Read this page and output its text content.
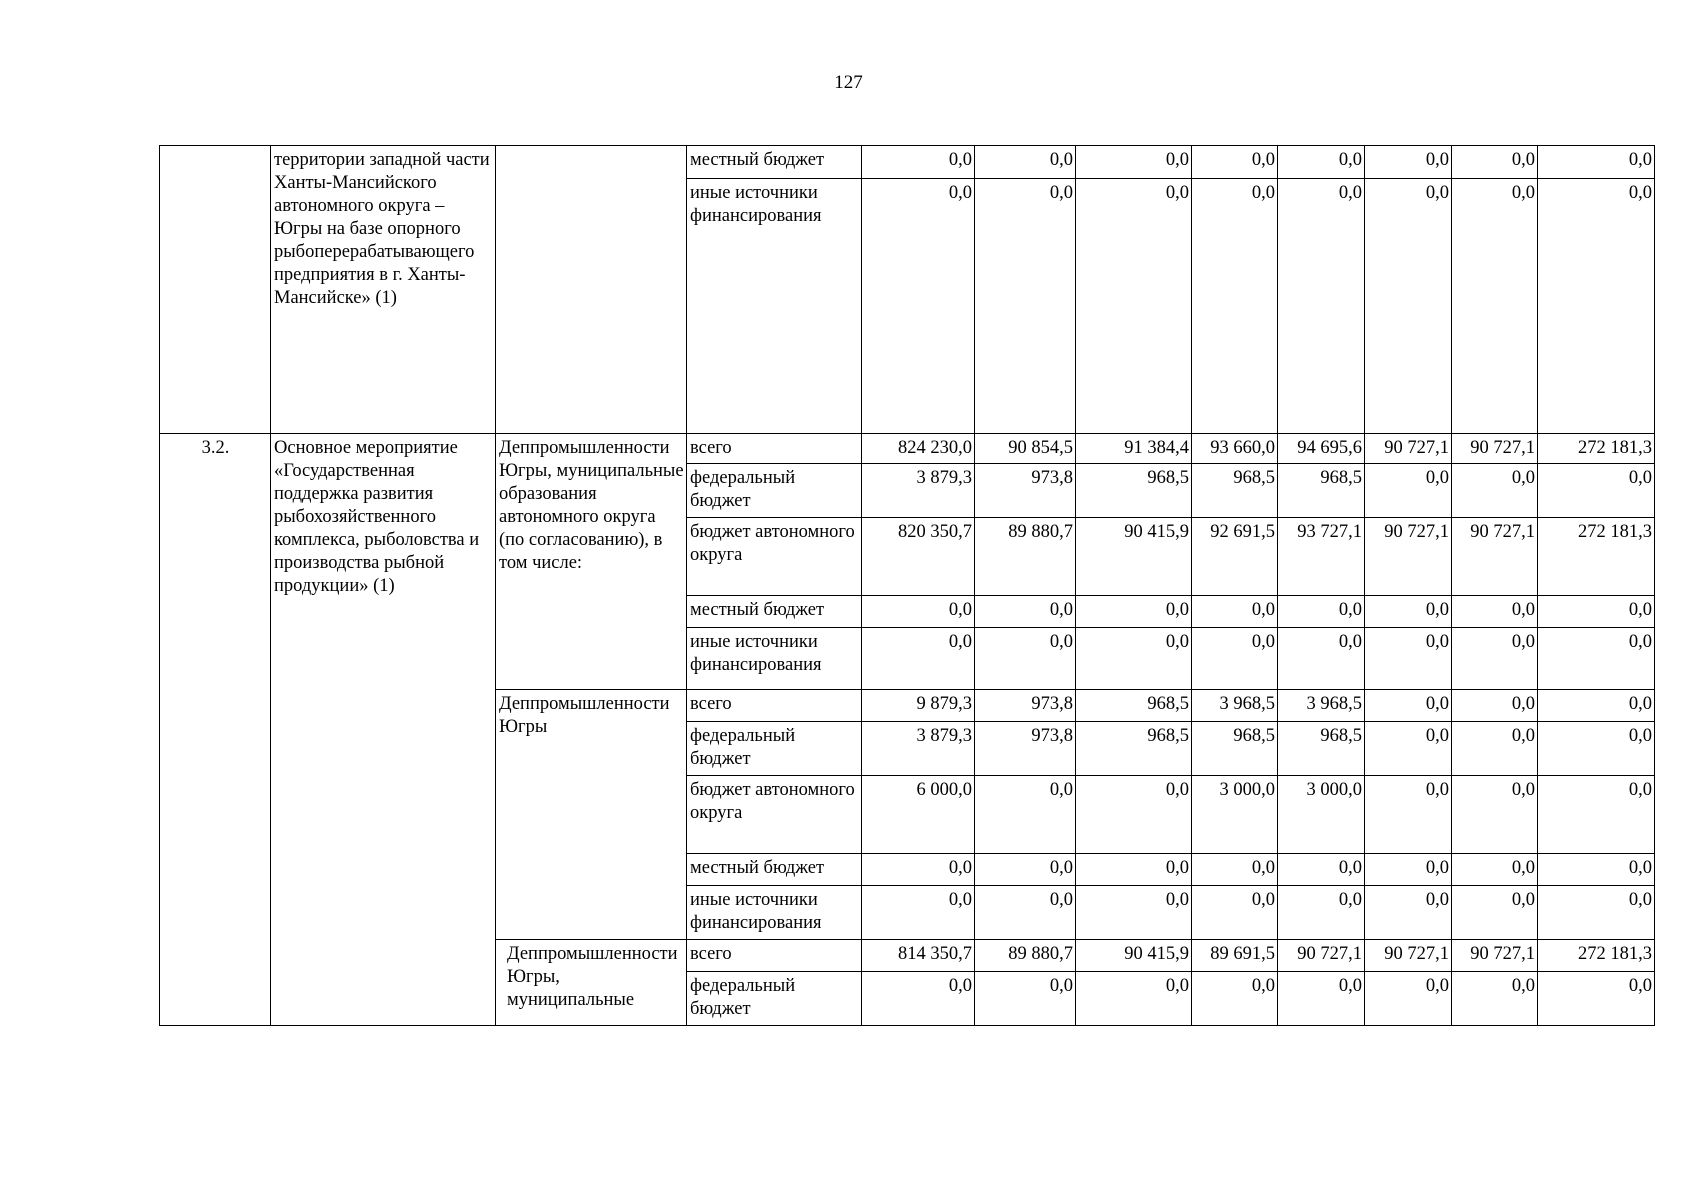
127
	территории западной части Ханты-Мансийского автономного округа – Югры на базе опорного рыбоперерабатывающего предприятия в г. Ханты-Мансийске» (1)		местный бюджет	0,0	0,0	0,0	0,0	0,0	0,0	0,0	0,0
			иные источники финансирования	0,0	0,0	0,0	0,0	0,0	0,0	0,0	0,0
3.2.	Основное мероприятие «Государственная поддержка развития рыбохозяйственного комплекса, рыболовства и производства рыбной продукции» (1)	Деппромышленности Югры, муниципальные образования автономного округа (по согласованию), в том числе:	всего	824 230,0	90 854,5	91 384,4	93 660,0	94 695,6	90 727,1	90 727,1	272 181,3
			федеральный бюджет	3 879,3	973,8	968,5	968,5	968,5	0,0	0,0	0,0
			бюджет автономного округа	820 350,7	89 880,7	90 415,9	92 691,5	93 727,1	90 727,1	90 727,1	272 181,3
			местный бюджет	0,0	0,0	0,0	0,0	0,0	0,0	0,0	0,0
			иные источники финансирования	0,0	0,0	0,0	0,0	0,0	0,0	0,0	0,0
		Деппромышленности Югры	всего	9 879,3	973,8	968,5	3 968,5	3 968,5	0,0	0,0	0,0
			федеральный бюджет	3 879,3	973,8	968,5	968,5	968,5	0,0	0,0	0,0
			бюджет автономного округа	6 000,0	0,0	0,0	3 000,0	3 000,0	0,0	0,0	0,0
			местный бюджет	0,0	0,0	0,0	0,0	0,0	0,0	0,0	0,0
			иные источники финансирования	0,0	0,0	0,0	0,0	0,0	0,0	0,0	0,0
		Деппромышленности Югры, муниципальные	всего	814 350,7	89 880,7	90 415,9	89 691,5	90 727,1	90 727,1	90 727,1	272 181,3
			федеральный бюджет	0,0	0,0	0,0	0,0	0,0	0,0	0,0	0,0
